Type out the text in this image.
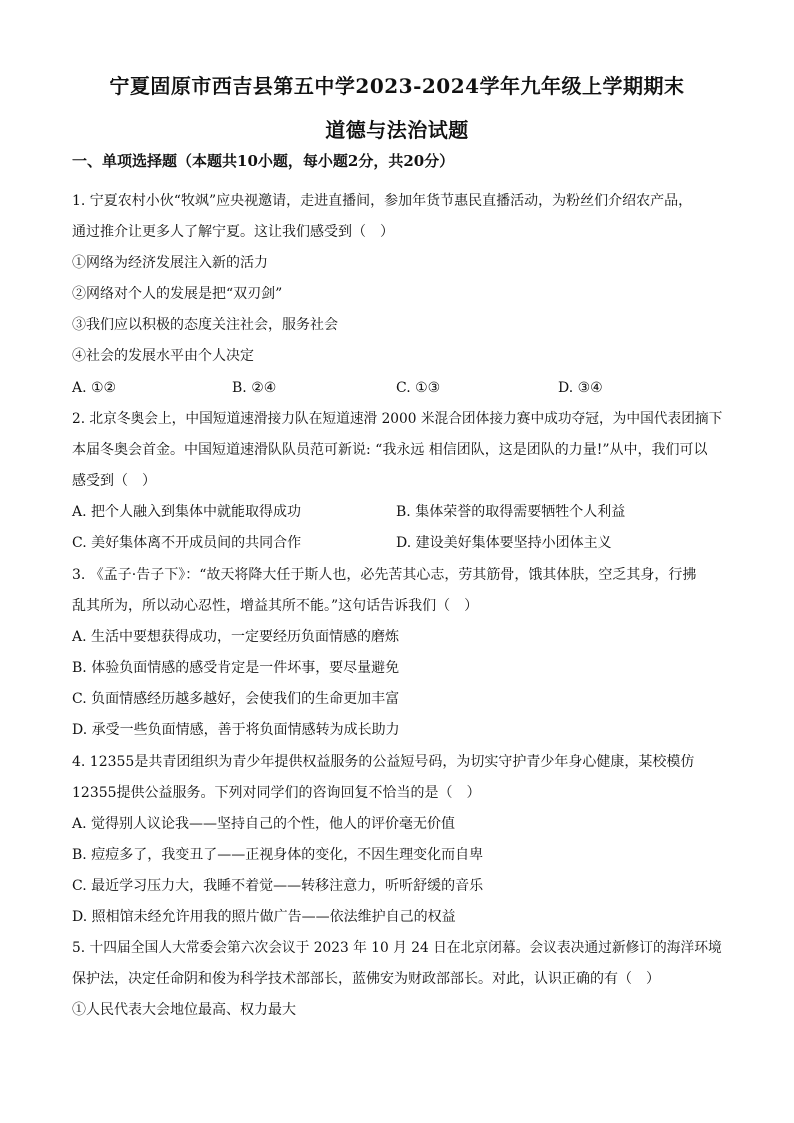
宁夏固原市西吉县第五中学2023-2024学年九年级上学期期末
道德与法治试题
一、单项选择题（本题共10小题，每小题2分，共20分）
1. 宁夏农村小伙“牧飒”应央视邀请，走进直播间，参加年货节惠民直播活动，为粉丝们介绍农产品，
通过推介让更多人了解宁夏。这让我们感受到（　）
①网络为经济发展注入新的活力
②网络对个人的发展是把“双刃剑”
③我们应以积极的态度关注社会，服务社会
④社会的发展水平由个人决定
A. ①②	B. ②④	C. ①③	D. ③④
2. 北京冬奥会上，中国短道速滑接力队在短道速滑 2000 米混合团体接力赛中成功夺冠，为中国代表团摘下
本届冬奥会首金。中国短道速滑队队员范可新说: “我永远 相信团队，这是团队的力量!”从中，我们可以
感受到（　）
A. 把个人融入到集体中就能取得成功	B. 集体荣誉的取得需要牺牲个人利益
C. 美好集体离不开成员间的共同合作	D. 建设美好集体要坚持小团体主义
3. 《孟子·告子下》：“故天将降大任于斯人也，必先苦其心志，劳其筋骨，饿其体肤，空乏其身，行拂
乱其所为，所以动心忍性，增益其所不能。”这句话告诉我们（　）
A. 生活中要想获得成功，一定要经历负面情感的磨炼
B. 体验负面情感的感受肯定是一件坏事，要尽量避免
C. 负面情感经历越多越好，会使我们的生命更加丰富
D. 承受一些负面情感，善于将负面情感转为成长助力
4. 12355是共青团组织为青少年提供权益服务的公益短号码，为切实守护青少年身心健康，某校模仿
12355提供公益服务。下列对同学们的咨询回复不恰当的是（　）
A. 觉得别人议论我——坚持自己的个性，他人的评价毫无价值
B. 痘痘多了，我变丑了——正视身体的变化，不因生理变化而自卑
C. 最近学习压力大，我睡不着觉——转移注意力，听听舒缓的音乐
D. 照相馆未经允许用我的照片做广告——依法维护自己的权益
5. 十四届全国人大常委会第六次会议于 2023 年 10 月 24 日在北京闭幕。会议表决通过新修订的海洋环境
保护法，决定任命阴和俊为科学技术部部长，蓝佛安为财政部部长。对此，认识正确的有（　）
①人民代表大会地位最高、权力最大
